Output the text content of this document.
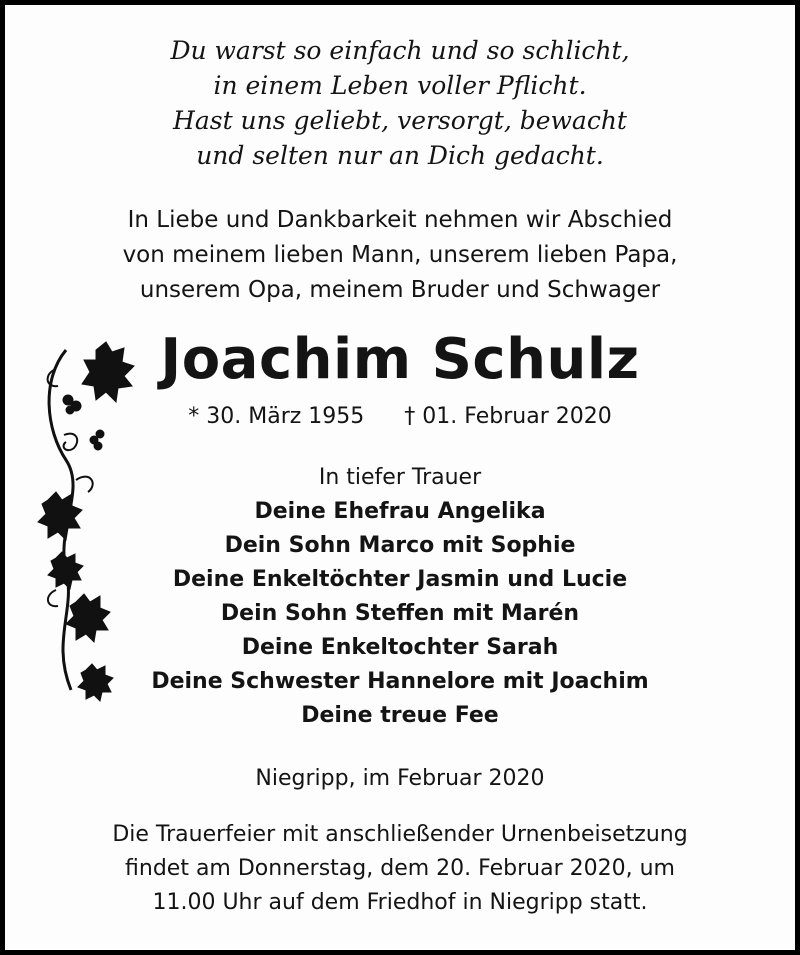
Du warst so einfach und so schlicht,
in einem Leben voller Pflicht.
Hast uns geliebt, versorgt, bewacht
und selten nur an Dich gedacht.
In Liebe und Dankbarkeit nehmen wir Abschied
von meinem lieben Mann, unserem lieben Papa,
unserem Opa, meinem Bruder und Schwager
Joachim Schulz
* 30. März 1955 † 01. Februar 2020
In tiefer Trauer
Deine Ehefrau Angelika
Dein Sohn Marco mit Sophie
Deine Enkeltöchter Jasmin und Lucie
Dein Sohn Steffen mit Marén
Deine Enkeltochter Sarah
Deine Schwester Hannelore mit Joachim
Deine treue Fee
Niegripp, im Februar 2020
Die Trauerfeier mit anschließender Urnenbeisetzung
findet am Donnerstag, dem 20. Februar 2020, um
11.00 Uhr auf dem Friedhof in Niegripp statt.
